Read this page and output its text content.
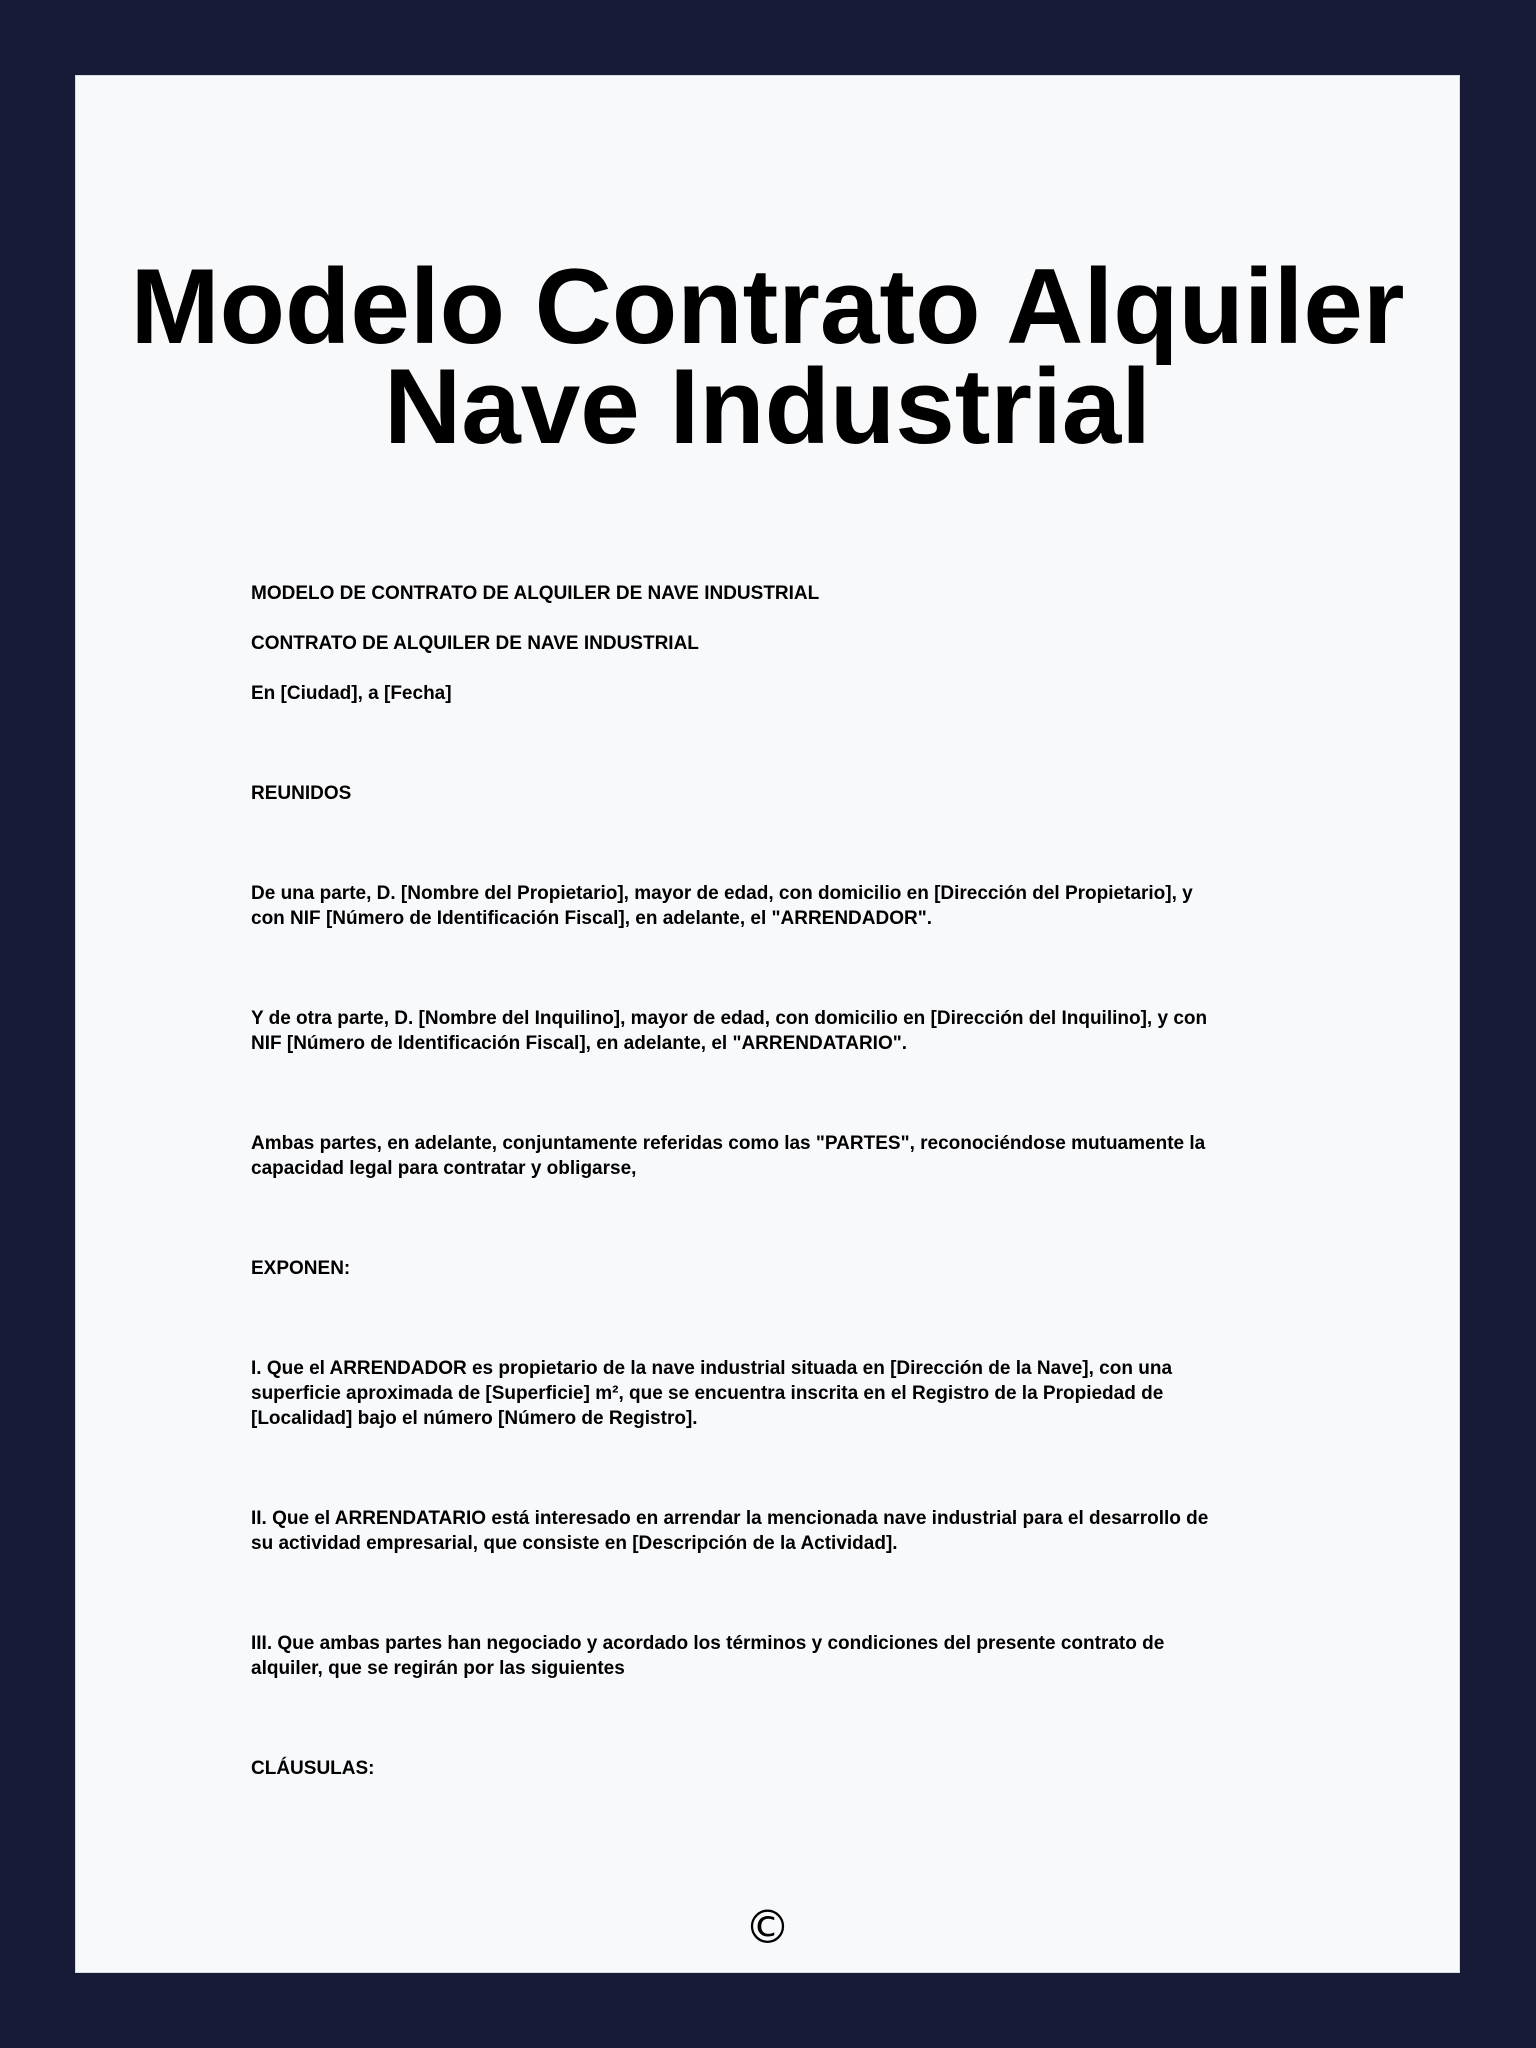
Modelo Contrato Alquiler
Nave Industrial

MODELO DE CONTRATO DE ALQUILER DE NAVE INDUSTRIAL

CONTRATO DE ALQUILER DE NAVE INDUSTRIAL

En [Ciudad], a [Fecha]

REUNIDOS

De una parte, D. [Nombre del Propietario], mayor de edad, con domicilio en [Dirección del Propietario], y
con NIF [Número de Identificación Fiscal], en adelante, el "ARRENDADOR".

Y de otra parte, D. [Nombre del Inquilino], mayor de edad, con domicilio en [Dirección del Inquilino], y con
NIF [Número de Identificación Fiscal], en adelante, el "ARRENDATARIO".

Ambas partes, en adelante, conjuntamente referidas como las "PARTES", reconociéndose mutuamente la
capacidad legal para contratar y obligarse,

EXPONEN:

I. Que el ARRENDADOR es propietario de la nave industrial situada en [Dirección de la Nave], con una
superficie aproximada de [Superficie] m², que se encuentra inscrita en el Registro de la Propiedad de
[Localidad] bajo el número [Número de Registro].

II. Que el ARRENDATARIO está interesado en arrendar la mencionada nave industrial para el desarrollo de
su actividad empresarial, que consiste en [Descripción de la Actividad].

III. Que ambas partes han negociado y acordado los términos y condiciones del presente contrato de
alquiler, que se regirán por las siguientes

CLÁUSULAS:

©
